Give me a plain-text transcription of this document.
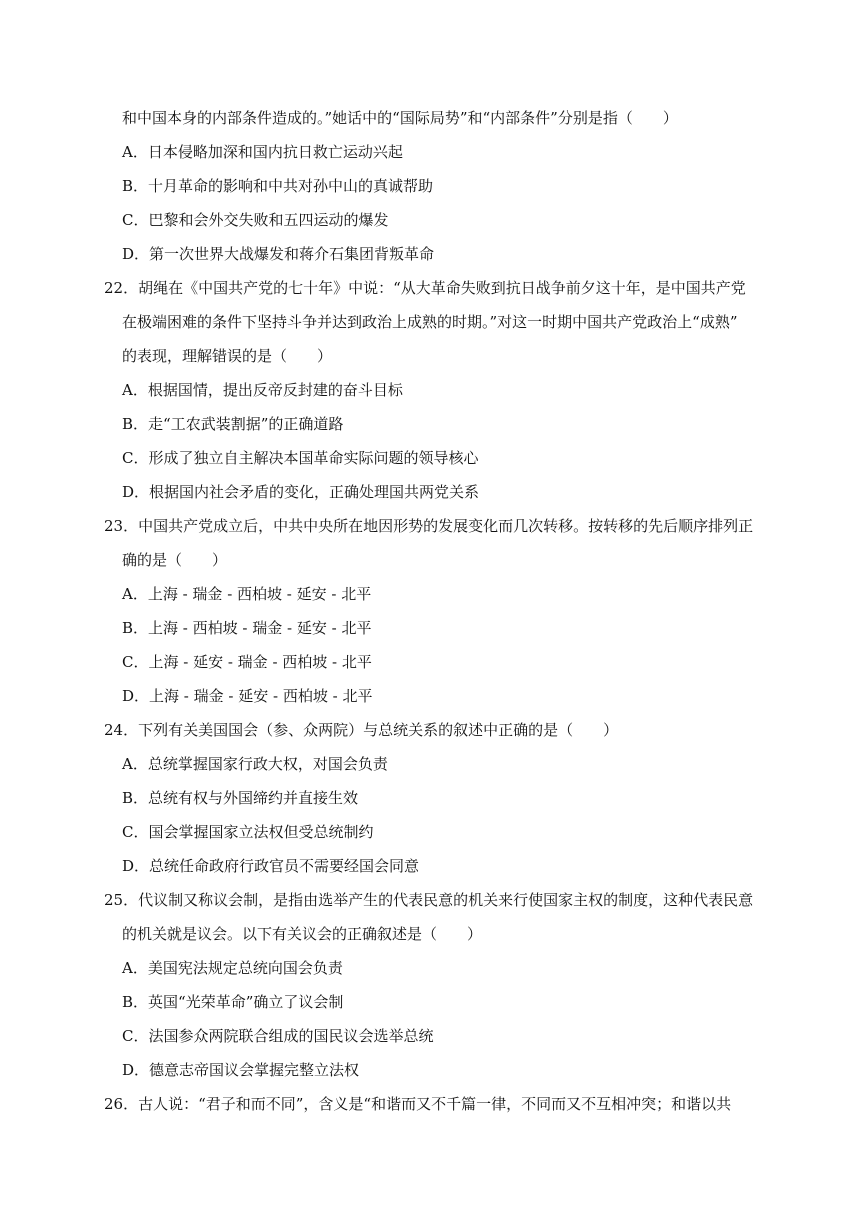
和中国本身的内部条件造成的。”她话中的“国际局势”和“内部条件”分别是指（　　）
A．日本侵略加深和国内抗日救亡运动兴起
B．十月革命的影响和中共对孙中山的真诚帮助
C．巴黎和会外交失败和五四运动的爆发
D．第一次世界大战爆发和蒋介石集团背叛革命
22．胡绳在《中国共产党的七十年》中说：“从大革命失败到抗日战争前夕这十年，是中国共产党
在极端困难的条件下坚持斗争并达到政治上成熟的时期。”对这一时期中国共产党政治上“成熟”
的表现，理解错误的是（　　）
A．根据国情，提出反帝反封建的奋斗目标
B．走“工农武装割据”的正确道路
C．形成了独立自主解决本国革命实际问题的领导核心
D．根据国内社会矛盾的变化，正确处理国共两党关系
23．中国共产党成立后，中共中央所在地因形势的发展变化而几次转移。按转移的先后顺序排列正
确的是（　　）
A．上海 - 瑞金 - 西柏坡 - 延安 - 北平
B．上海 - 西柏坡 - 瑞金 - 延安 - 北平
C．上海 - 延安 - 瑞金 - 西柏坡 - 北平
D．上海 - 瑞金 - 延安 - 西柏坡 - 北平
24．下列有关美国国会（参、众两院）与总统关系的叙述中正确的是（　　）
A．总统掌握国家行政大权，对国会负责
B．总统有权与外国缔约并直接生效
C．国会掌握国家立法权但受总统制约
D．总统任命政府行政官员不需要经国会同意
25．代议制又称议会制，是指由选举产生的代表民意的机关来行使国家主权的制度，这种代表民意
的机关就是议会。以下有关议会的正确叙述是（　　）
A．美国宪法规定总统向国会负责
B．英国“光荣革命”确立了议会制
C．法国参众两院联合组成的国民议会选举总统
D．德意志帝国议会掌握完整立法权
26．古人说：“君子和而不同”，含义是“和谐而又不千篇一律，不同而又不互相冲突；和谐以共
